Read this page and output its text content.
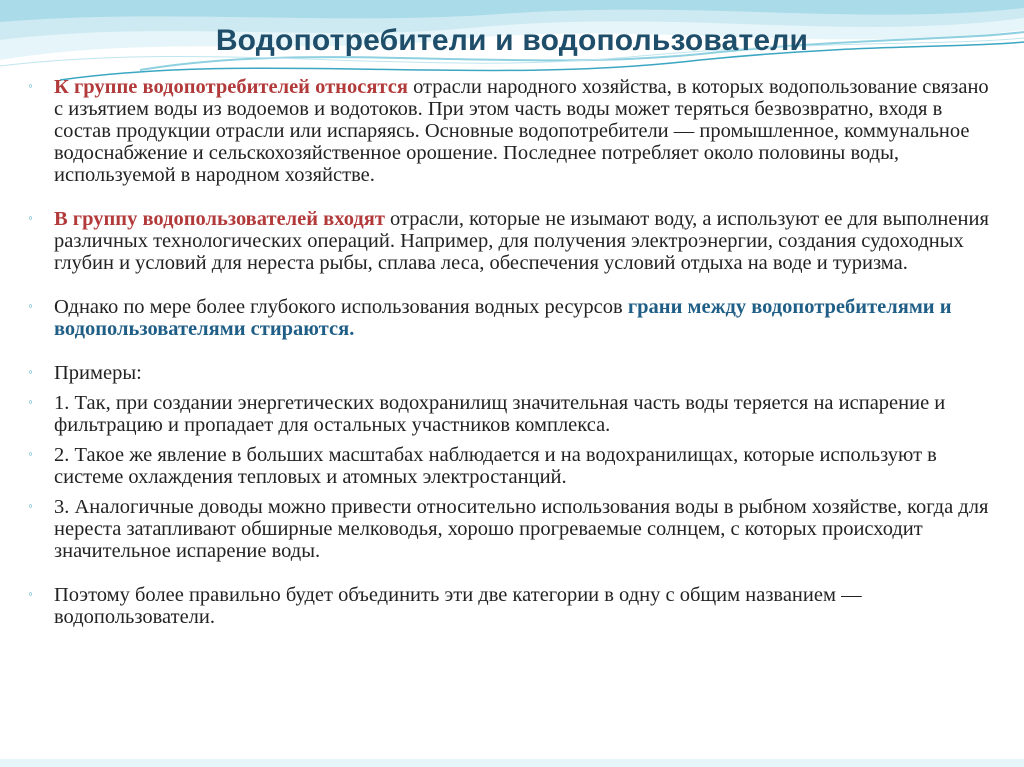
Водопотребители и водопользователи
◦ К группе водопотребителей относятся отрасли народного хозяйства, в которых водопользование связано с изъятием воды из водоемов и водотоков. При этом часть воды может теряться безвозвратно, входя в состав продукции отрасли или испаряясь. Основные водопотребители — промышленное, коммунальное водоснабжение и сельскохозяйственное орошение. Последнее потребляет около половины воды, используемой в народном хозяйстве.
◦ В группу водопользователей входят отрасли, которые не изымают воду, а используют ее для выполнения различных технологических операций. Например, для получения электроэнергии, создания судоходных глубин и условий для нереста рыбы, сплава леса, обеспечения условий отдыха на воде и туризма.
◦ Однако по мере более глубокого использования водных ресурсов грани между водопотребителями и водопользователями стираются.
◦ Примеры:
◦ 1. Так, при создании энергетических водохранилищ значительная часть воды теряется на испарение и фильтрацию и пропадает для остальных участников комплекса.
◦ 2. Такое же явление в больших масштабах наблюдается и на водохранилищах, которые используют в системе охлаждения тепловых и атомных электростанций.
◦ 3. Аналогичные доводы можно привести относительно использования воды в рыбном хозяйстве, когда для нереста затапливают обширные мелководья, хорошо прогреваемые солнцем, с которых происходит значительное испарение воды.
◦ Поэтому более правильно будет объединить эти две категории в одну с общим названием — водопользователи.
